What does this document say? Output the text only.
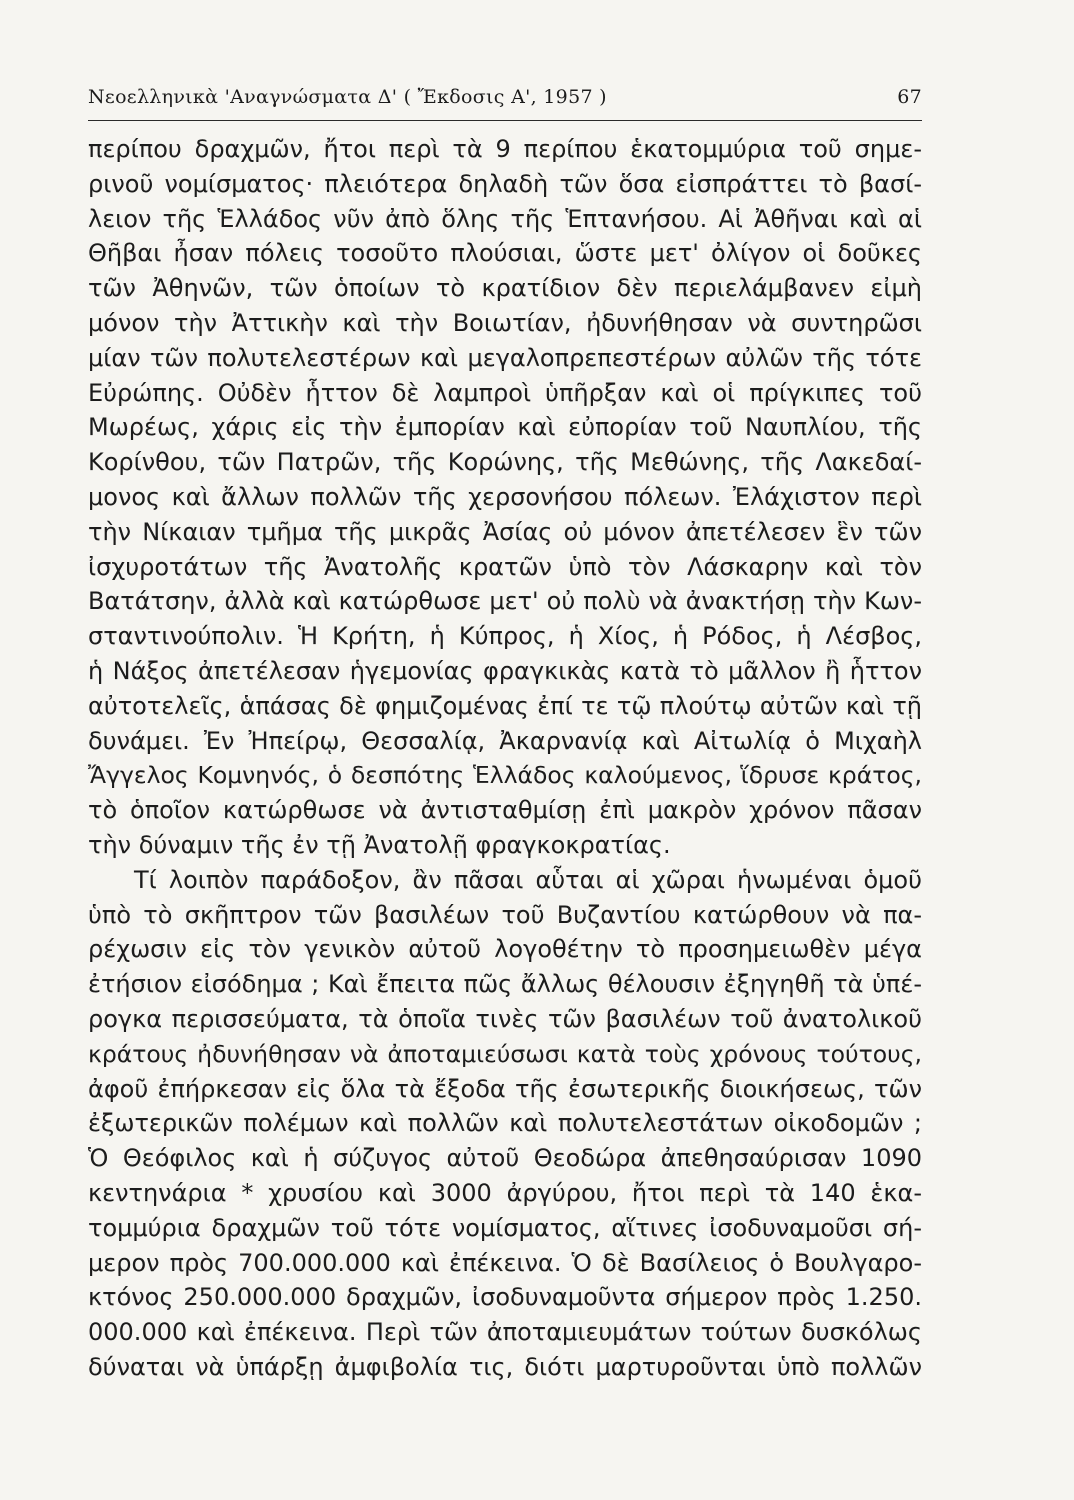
Νεοελληνικὰ 'Αναγνώσματα Δ' ( Ἔκδοσις Α', 1957 )	67
περίπου δραχμῶν, ἤτοι περὶ τὰ 9 περίπου ἑκατομμύρια τοῦ σημε-
ρινοῦ νομίσματος· πλειότερα δηλαδὴ τῶν ὅσα εἰσπράττει τὸ βασί-
λειον τῆς Ἑλλάδος νῦν ἀπὸ ὅλης τῆς Ἑπτανήσου. Αἱ Ἀθῆναι καὶ αἱ
Θῆβαι ἦσαν πόλεις τοσοῦτο πλούσιαι, ὥστε μετ' ὀλίγον οἱ δοῦκες
τῶν Ἀθηνῶν, τῶν ὁποίων τὸ κρατίδιον δὲν περιελάμβανεν εἰμὴ
μόνον τὴν Ἀττικὴν καὶ τὴν Βοιωτίαν, ἠδυνήθησαν νὰ συντηρῶσι
μίαν τῶν πολυτελεστέρων καὶ μεγαλοπρεπεστέρων αὐλῶν τῆς τότε
Εὐρώπης. Οὐδὲν ἧττον δὲ λαμπροὶ ὑπῆρξαν καὶ οἱ πρίγκιπες τοῦ
Μωρέως, χάρις εἰς τὴν ἐμπορίαν καὶ εὐπορίαν τοῦ Ναυπλίου, τῆς
Κορίνθου, τῶν Πατρῶν, τῆς Κορώνης, τῆς Μεθώνης, τῆς Λακεδαί-
μονος καὶ ἄλλων πολλῶν τῆς χερσονήσου πόλεων. Ἐλάχιστον περὶ
τὴν Νίκαιαν τμῆμα τῆς μικρᾶς Ἀσίας οὐ μόνον ἀπετέλεσεν ἓν τῶν
ἰσχυροτάτων τῆς Ἀνατολῆς κρατῶν ὑπὸ τὸν Λάσκαρην καὶ τὸν
Βατάτσην, ἀλλὰ καὶ κατώρθωσε μετ' οὐ πολὺ νὰ ἀνακτήσῃ τὴν Κων-
σταντινούπολιν. Ἡ Κρήτη, ἡ Κύπρος, ἡ Χίος, ἡ Ρόδος, ἡ Λέσβος,
ἡ Νάξος ἀπετέλεσαν ἡγεμονίας φραγκικὰς κατὰ τὸ μᾶλλον ἢ ἧττον
αὐτοτελεῖς, ἁπάσας δὲ φημιζομένας ἐπί τε τῷ πλούτῳ αὐτῶν καὶ τῇ
δυνάμει. Ἐν Ἠπείρῳ, Θεσσαλίᾳ, Ἀκαρνανίᾳ καὶ Αἰτωλίᾳ ὁ Μιχαὴλ
Ἄγγελος Κομνηνός, ὁ δεσπότης Ἑλλάδος καλούμενος, ἵδρυσε κράτος,
τὸ ὁποῖον κατώρθωσε νὰ ἀντισταθμίσῃ ἐπὶ μακρὸν χρόνον πᾶσαν
τὴν δύναμιν τῆς ἐν τῇ Ἀνατολῇ φραγκοκρατίας.
Τί λοιπὸν παράδοξον, ἂν πᾶσαι αὗται αἱ χῶραι ἡνωμέναι ὁμοῦ
ὑπὸ τὸ σκῆπτρον τῶν βασιλέων τοῦ Βυζαντίου κατώρθουν νὰ πα-
ρέχωσιν εἰς τὸν γενικὸν αὐτοῦ λογοθέτην τὸ προσημειωθὲν μέγα
ἐτήσιον εἰσόδημα ; Καὶ ἔπειτα πῶς ἄλλως θέλουσιν ἐξηγηθῆ τὰ ὑπέ-
ρογκα περισσεύματα, τὰ ὁποῖα τινὲς τῶν βασιλέων τοῦ ἀνατολικοῦ
κράτους ἠδυνήθησαν νὰ ἀποταμιεύσωσι κατὰ τοὺς χρόνους τούτους,
ἀφοῦ ἐπήρκεσαν εἰς ὅλα τὰ ἔξοδα τῆς ἐσωτερικῆς διοικήσεως, τῶν
ἐξωτερικῶν πολέμων καὶ πολλῶν καὶ πολυτελεστάτων οἰκοδομῶν ;
Ὁ Θεόφιλος καὶ ἡ σύζυγος αὐτοῦ Θεοδώρα ἀπεθησαύρισαν 1090
κεντηνάρια * χρυσίου καὶ 3000 ἀργύρου, ἤτοι περὶ τὰ 140 ἑκα-
τομμύρια δραχμῶν τοῦ τότε νομίσματος, αἵτινες ἰσοδυναμοῦσι σή-
μερον πρὸς 700.000.000 καὶ ἐπέκεινα. Ὁ δὲ Βασίλειος ὁ Βουλγαρο-
κτόνος 250.000.000 δραχμῶν, ἰσοδυναμοῦντα σήμερον πρὸς 1.250.
000.000 καὶ ἐπέκεινα. Περὶ τῶν ἀποταμιευμάτων τούτων δυσκόλως
δύναται νὰ ὑπάρξῃ ἀμφιβολία τις, διότι μαρτυροῦνται ὑπὸ πολλῶν
